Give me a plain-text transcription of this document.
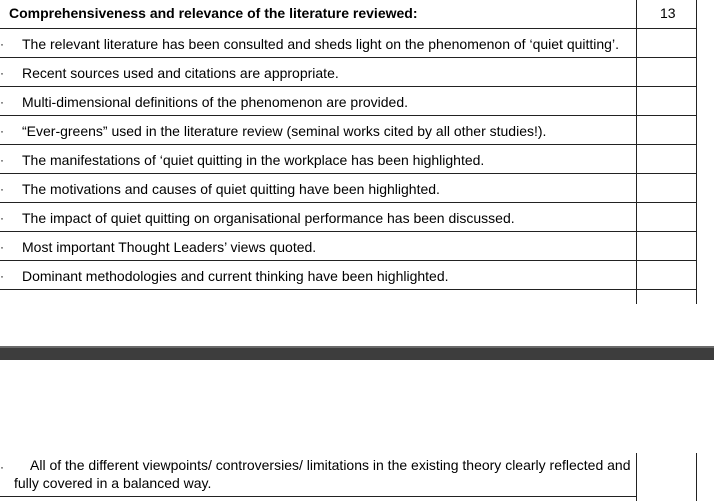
Comprehensiveness and relevance of the literature reviewed:
· The relevant literature has been consulted and sheds light on the phenomenon of ‘quiet quitting’.
· Recent sources used and citations are appropriate.
· Multi-dimensional definitions of the phenomenon are provided.
· “Ever-greens” used in the literature review (seminal works cited by all other studies!).
· The manifestations of ‘quiet quitting in the workplace has been highlighted.
· The motivations and causes of quiet quitting have been highlighted.
· The impact of quiet quitting on organisational performance has been discussed.
· Most important Thought Leaders’ views quoted.
· Dominant methodologies and current thinking have been highlighted.
13
·	All of the different viewpoints/ controversies/ limitations in the existing theory clearly reflected and fully covered in a balanced way.
